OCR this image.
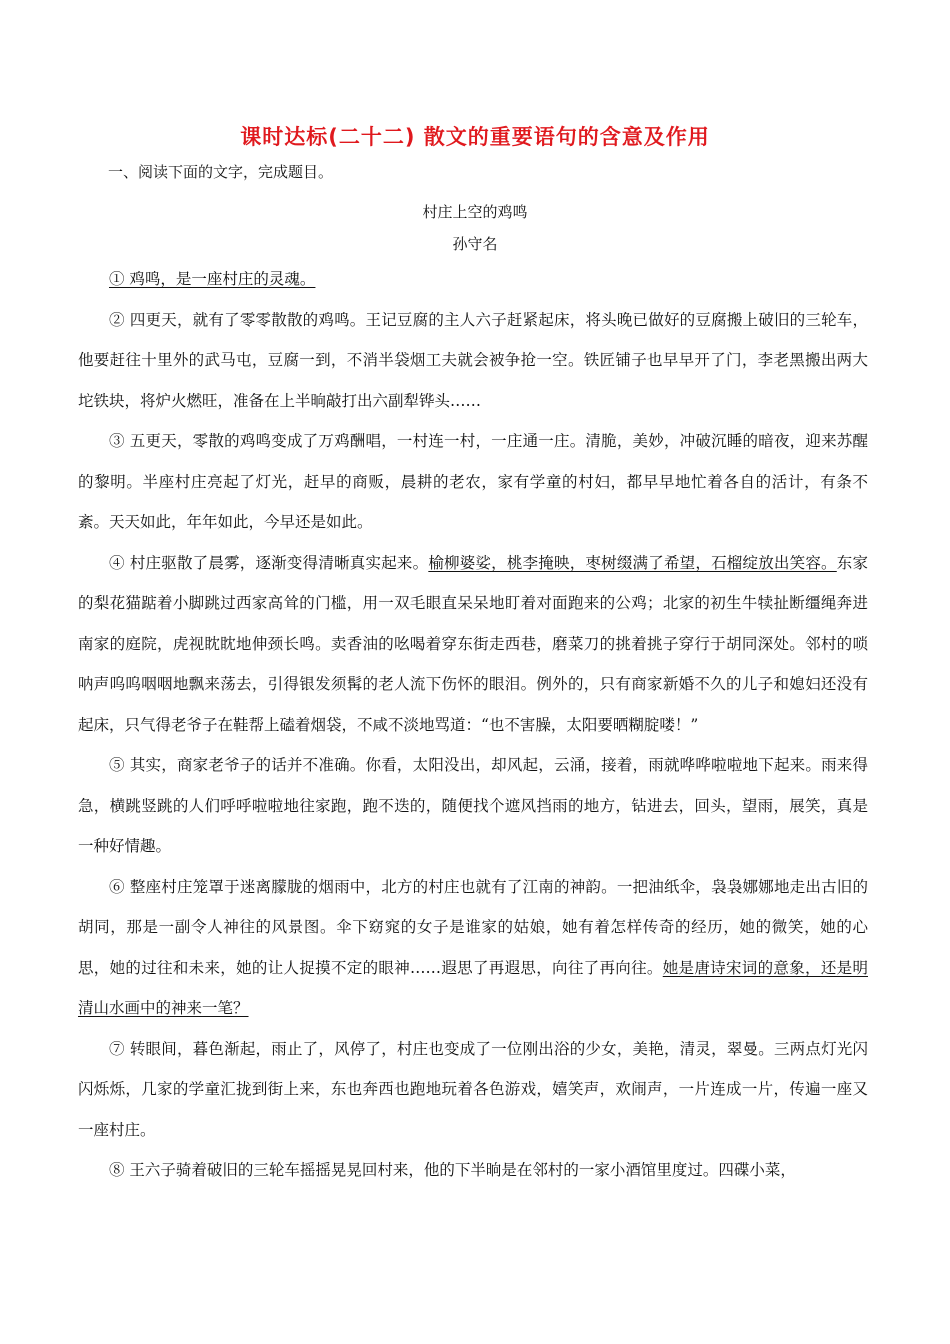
课时达标(二十二) 散文的重要语句的含意及作用
一、阅读下面的文字，完成题目。
村庄上空的鸡鸣
孙守名

① 鸡鸣，是一座村庄的灵魂。

② 四更天，就有了零零散散的鸡鸣。王记豆腐的主人六子赶紧起床，将头晚已做好的豆腐搬上破旧的三轮车，他要赶往十里外的武马屯，豆腐一到，不消半袋烟工夫就会被争抢一空。铁匠铺子也早早开了门，李老黑搬出两大坨铁块，将炉火燃旺，准备在上半晌敲打出六副犁铧头……

③ 五更天，零散的鸡鸣变成了万鸡酬唱，一村连一村，一庄通一庄。清脆，美妙，冲破沉睡的暗夜，迎来苏醒的黎明。半座村庄亮起了灯光，赶早的商贩，晨耕的老农，家有学童的村妇，都早早地忙着各自的活计，有条不紊。天天如此，年年如此，今早还是如此。

④ 村庄驱散了晨雾，逐渐变得清晰真实起来。榆柳婆娑，桃李掩映，枣树缀满了希望，石榴绽放出笑容。东家的梨花猫踮着小脚跳过西家高耸的门槛，用一双毛眼直呆呆地盯着对面跑来的公鸡；北家的初生牛犊扯断缰绳奔进南家的庭院，虎视眈眈地伸颈长鸣。卖香油的吆喝着穿东街走西巷，磨菜刀的挑着挑子穿行于胡同深处。邻村的唢呐声呜呜咽咽地飘来荡去，引得银发须髯的老人流下伤怀的眼泪。例外的，只有商家新婚不久的儿子和媳妇还没有起床，只气得老爷子在鞋帮上磕着烟袋，不咸不淡地骂道：“也不害臊，太阳要晒糊腚喽！”

⑤ 其实，商家老爷子的话并不准确。你看，太阳没出，却风起，云涌，接着，雨就哗哗啦啦地下起来。雨来得急，横跳竖跳的人们呼呼啦啦地往家跑，跑不迭的，随便找个遮风挡雨的地方，钻进去，回头，望雨，展笑，真是一种好情趣。

⑥ 整座村庄笼罩于迷离朦胧的烟雨中，北方的村庄也就有了江南的神韵。一把油纸伞，袅袅娜娜地走出古旧的胡同，那是一副令人神往的风景图。伞下窈窕的女子是谁家的姑娘，她有着怎样传奇的经历，她的微笑，她的心思，她的过往和未来，她的让人捉摸不定的眼神……遐思了再遐思，向往了再向往。她是唐诗宋词的意象，还是明清山水画中的神来一笔？

⑦ 转眼间，暮色渐起，雨止了，风停了，村庄也变成了一位刚出浴的少女，美艳，清灵，翠曼。三两点灯光闪闪烁烁，几家的学童汇拢到街上来，东也奔西也跑地玩着各色游戏，嬉笑声，欢闹声，一片连成一片，传遍一座又一座村庄。

⑧ 王六子骑着破旧的三轮车摇摇晃晃回村来，他的下半晌是在邻村的一家小酒馆里度过。四碟小菜，
